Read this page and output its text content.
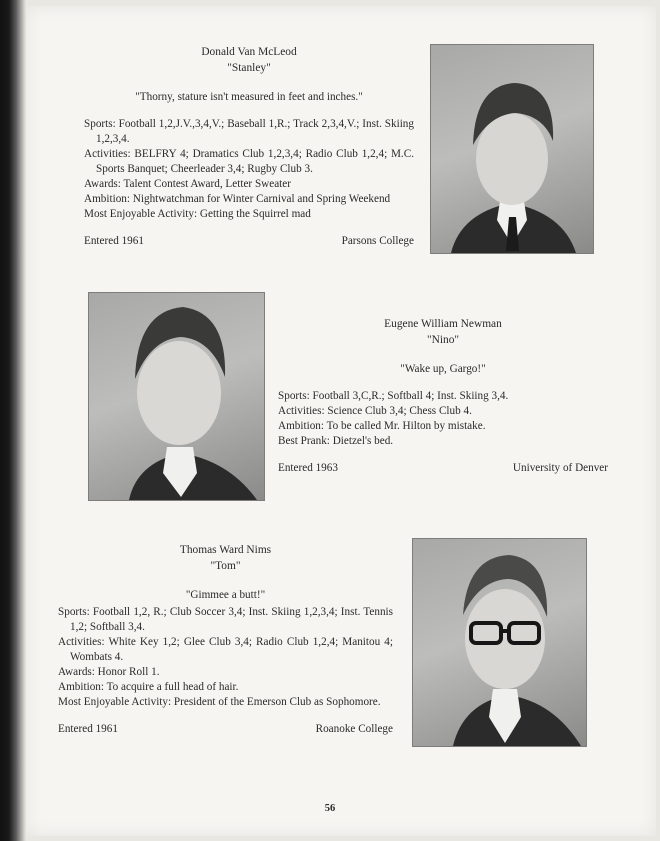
Donald Van McLeod
"Stanley"
"Thorny, stature isn't measured in feet and inches."
Sports: Football 1,2,J.V.,3,4,V.; Baseball 1,R.; Track 2,3,4,V.; Inst. Skiing 1,2,3,4.
Activities: BELFRY 4; Dramatics Club 1,2,3,4; Radio Club 1,2,4; M.C. Sports Banquet; Cheerleader 3,4; Rugby Club 3.
Awards: Talent Contest Award, Letter Sweater
Ambition: Nightwatchman for Winter Carnival and Spring Weekend
Most Enjoyable Activity: Getting the Squirrel mad
Entered 1961	Parsons College
Eugene William Newman
"Nino"
"Wake up, Gargo!"
Sports: Football 3,C,R.; Softball 4; Inst. Skiing 3,4.
Activities: Science Club 3,4; Chess Club 4.
Ambition: To be called Mr. Hilton by mistake.
Best Prank: Dietzel's bed.
Entered 1963	University of Denver
Thomas Ward Nims
"Tom"
"Gimmee a butt!"
Sports: Football 1,2, R.; Club Soccer 3,4; Inst. Skiing 1,2,3,4; Inst. Tennis 1,2; Softball 3,4.
Activities: White Key 1,2; Glee Club 3,4; Radio Club 1,2,4; Manitou 4; Wombats 4.
Awards: Honor Roll 1.
Ambition: To acquire a full head of hair.
Most Enjoyable Activity: President of the Emerson Club as Sophomore.
Entered 1961	Roanoke College
56
